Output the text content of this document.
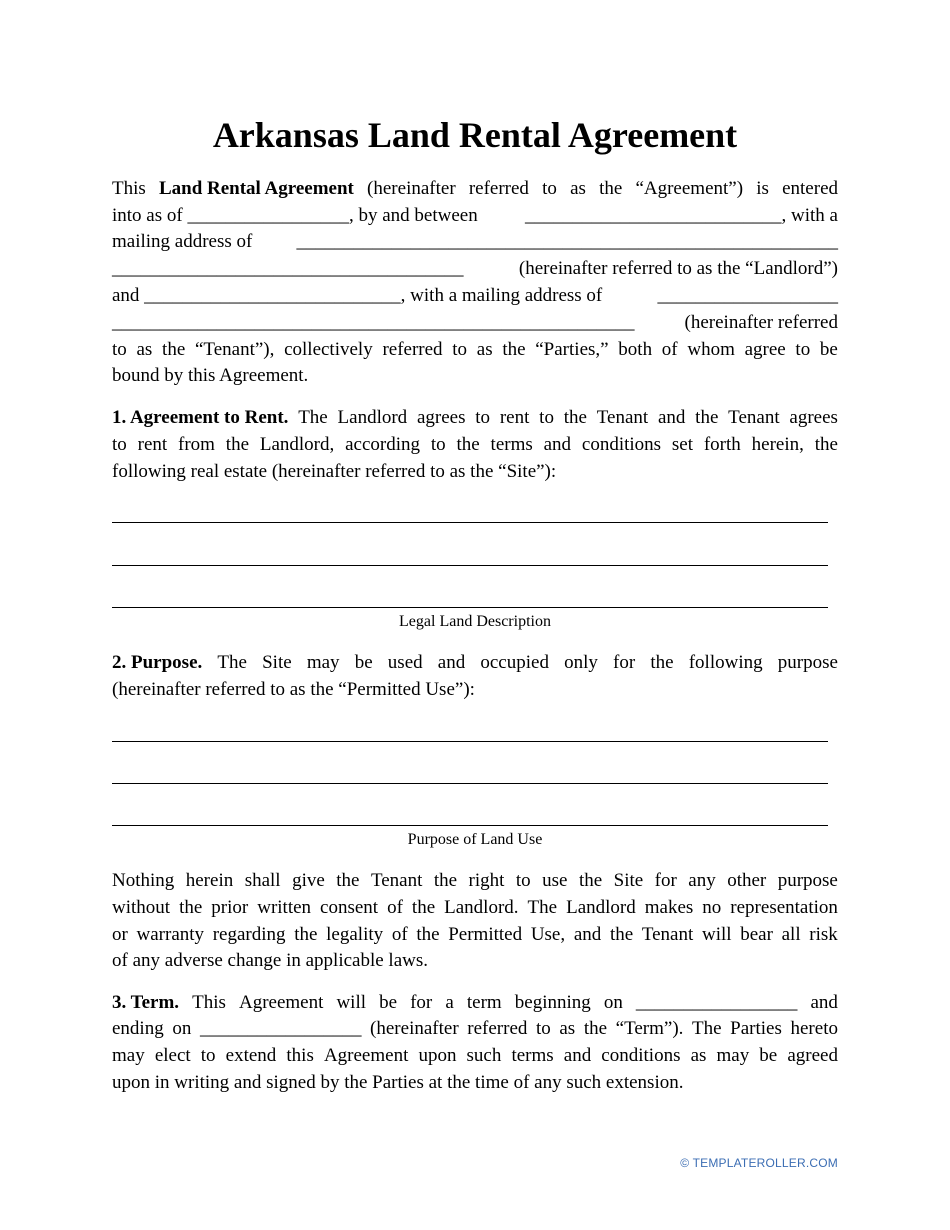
Arkansas Land Rental Agreement
This Land Rental Agreement (hereinafter referred to as the “Agreement”) is entered
into as of _________________, by and between ___________________________, with a
mailing address of _________________________________________________________
_____________________________________	(hereinafter referred to as the “Landlord”)
and ___________________________, with a mailing address of	___________________
_______________________________________________________	(hereinafter referred
to as the “Tenant”), collectively referred to as the “Parties,” both of whom agree to be
bound by this Agreement.
1. Agreement to Rent. The Landlord agrees to rent to the Tenant and the Tenant agrees
to rent from the Landlord, according to the terms and conditions set forth herein, the
following real estate (hereinafter referred to as the “Site”):
Legal Land Description
2. Purpose. The Site may be used and occupied only for the following purpose
(hereinafter referred to as the “Permitted Use”):
Purpose of Land Use
Nothing herein shall give the Tenant the right to use the Site for any other purpose
without the prior written consent of the Landlord. The Landlord makes no representation
or warranty regarding the legality of the Permitted Use, and the Tenant will bear all risk
of any adverse change in applicable laws.
3. Term. This Agreement will be for a term beginning on _________________ and
ending on _________________ (hereinafter referred to as the “Term”). The Parties hereto
may elect to extend this Agreement upon such terms and conditions as may be agreed
upon in writing and signed by the Parties at the time of any such extension.
© TEMPLATEROLLER.COM
